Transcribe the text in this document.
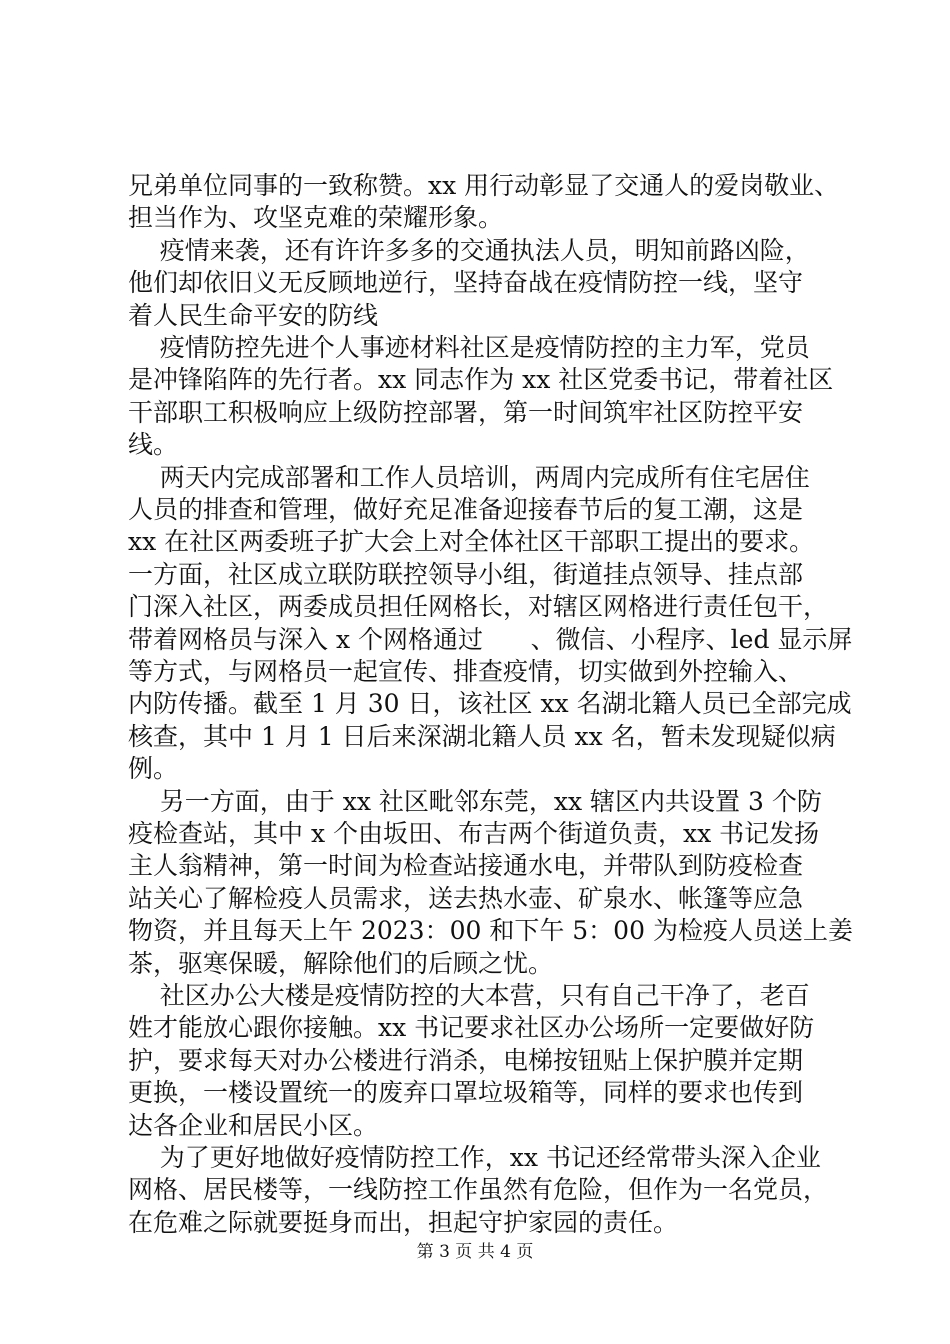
兄弟单位同事的一致称赞。xx 用行动彰显了交通人的爱岗敬业、
担当作为、攻坚克难的荣耀形象。
疫情来袭，还有许许多多的交通执法人员，明知前路凶险，
他们却依旧义无反顾地逆行，坚持奋战在疫情防控一线，坚守
着人民生命平安的防线
疫情防控先进个人事迹材料社区是疫情防控的主力军，党员
是冲锋陷阵的先行者。xx 同志作为 xx 社区党委书记，带着社区
干部职工积极响应上级防控部署，第一时间筑牢社区防控平安
线。
两天内完成部署和工作人员培训，两周内完成所有住宅居住
人员的排查和管理，做好充足准备迎接春节后的复工潮，这是
xx 在社区两委班子扩大会上对全体社区干部职工提出的要求。
一方面，社区成立联防联控领导小组，街道挂点领导、挂点部
门深入社区，两委成员担任网格长，对辖区网格进行责任包干，
带着网格员与深入 x 个网格通过      、微信、小程序、led 显示屏
等方式，与网格员一起宣传、排查疫情，切实做到外控输入、
内防传播。截至 1 月 30 日，该社区 xx 名湖北籍人员已全部完成
核查，其中 1 月 1 日后来深湖北籍人员 xx 名，暂未发现疑似病
例。
另一方面，由于 xx 社区毗邻东莞，xx 辖区内共设置 3 个防
疫检查站，其中 x 个由坂田、布吉两个街道负责，xx 书记发扬
主人翁精神，第一时间为检查站接通水电，并带队到防疫检查
站关心了解检疫人员需求，送去热水壶、矿泉水、帐篷等应急
物资，并且每天上午 2023：00 和下午 5：00 为检疫人员送上姜
茶，驱寒保暖，解除他们的后顾之忧。
社区办公大楼是疫情防控的大本营，只有自己干净了，老百
姓才能放心跟你接触。xx 书记要求社区办公场所一定要做好防
护，要求每天对办公楼进行消杀，电梯按钮贴上保护膜并定期
更换，一楼设置统一的废弃口罩垃圾箱等，同样的要求也传到
达各企业和居民小区。
为了更好地做好疫情防控工作，xx 书记还经常带头深入企业
网格、居民楼等，一线防控工作虽然有危险，但作为一名党员，
在危难之际就要挺身而出，担起守护家园的责任。
第 3 页 共 4 页
